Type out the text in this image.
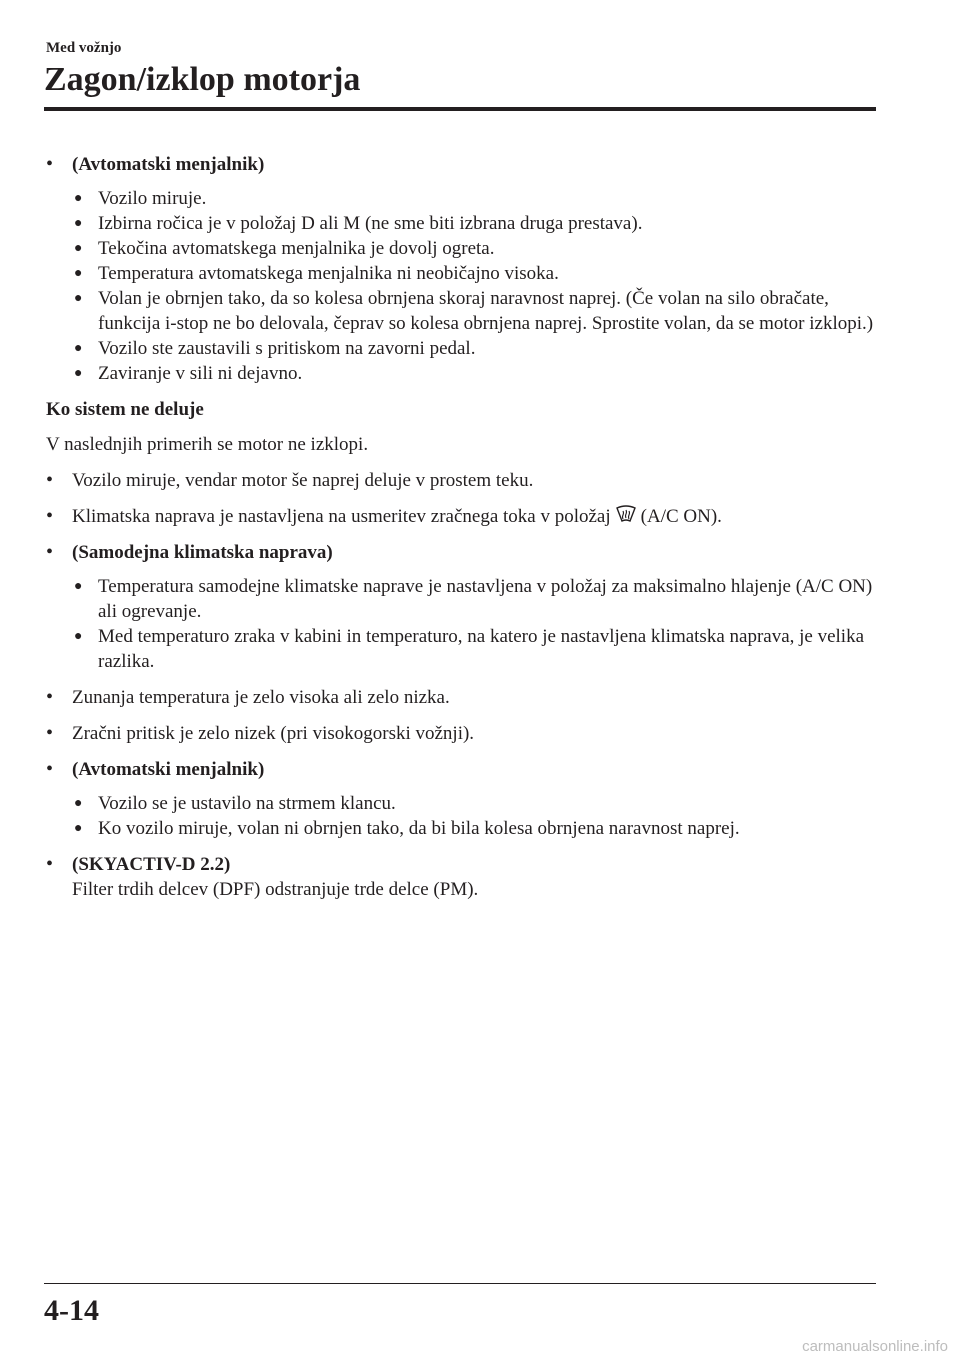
Med vožnjo
Zagon/izklop motorja
• (Avtomatski menjalnik)
● Vozilo miruje.
● Izbirna ročica je v položaj D ali M (ne sme biti izbrana druga prestava).
● Tekočina avtomatskega menjalnika je dovolj ogreta.
● Temperatura avtomatskega menjalnika ni neobičajno visoka.
● Volan je obrnjen tako, da so kolesa obrnjena skoraj naravnost naprej. (Če volan na silo obračate, funkcija i-stop ne bo delovala, čeprav so kolesa obrnjena naprej. Sprostite volan, da se motor izklopi.)
● Vozilo ste zaustavili s pritiskom na zavorni pedal.
● Zaviranje v sili ni dejavno.
Ko sistem ne deluje
V naslednjih primerih se motor ne izklopi.
• Vozilo miruje, vendar motor še naprej deluje v prostem teku.
• Klimatska naprava je nastavljena na usmeritev zračnega toka v položaj (A/C ON).
• (Samodejna klimatska naprava)
● Temperatura samodejne klimatske naprave je nastavljena v položaj za maksimalno hlajenje (A/C ON) ali ogrevanje.
● Med temperaturo zraka v kabini in temperaturo, na katero je nastavljena klimatska naprava, je velika razlika.
• Zunanja temperatura je zelo visoka ali zelo nizka.
• Zračni pritisk je zelo nizek (pri visokogorski vožnji).
• (Avtomatski menjalnik)
● Vozilo se je ustavilo na strmem klancu.
● Ko vozilo miruje, volan ni obrnjen tako, da bi bila kolesa obrnjena naravnost naprej.
• (SKYACTIV-D 2.2)
Filter trdih delcev (DPF) odstranjuje trde delce (PM).
4-14
carmanualsonline.info
